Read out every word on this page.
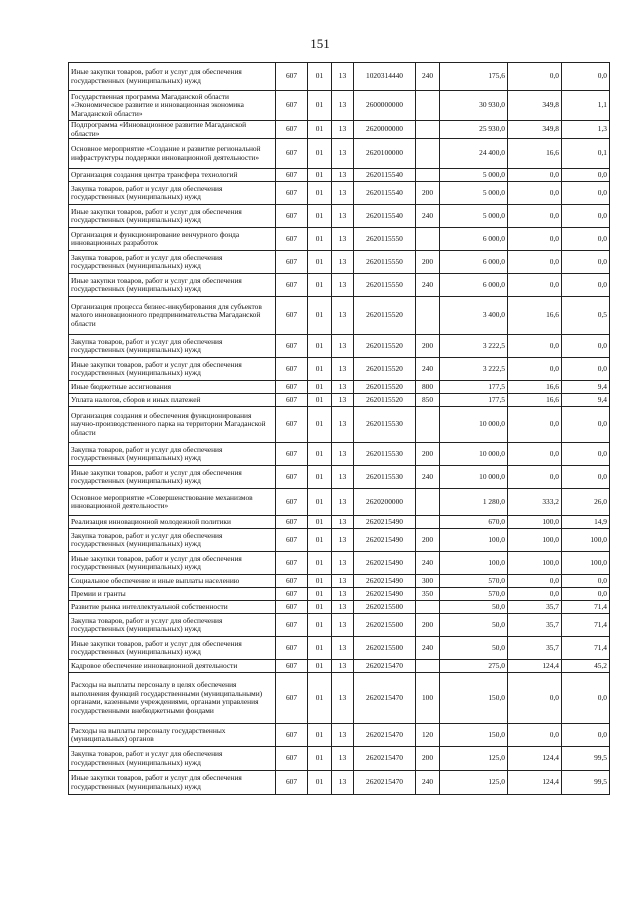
151
Иные закупки товаров, работ и услуг для обеспечения государственных (муниципальных) нужд	607	01	13	1020314440	240	175,6	0,0	0,0
Государственная программа Магаданской области «Экономическое развитие и инновационная экономика Магаданской области»	607	01	13	2600000000		30 930,0	349,8	1,1
Подпрограмма «Инновационное развитие Магаданской области»	607	01	13	2620000000		25 930,0	349,8	1,3
Основное мероприятие «Создание и развитие региональной инфраструктуры поддержки инновационной деятельности»	607	01	13	2620100000		24 400,0	16,6	0,1
Организация создания центра трансфера технологий	607	01	13	2620115540		5 000,0	0,0	0,0
Закупка товаров, работ и услуг для обеспечения государственных (муниципальных) нужд	607	01	13	2620115540	200	5 000,0	0,0	0,0
Иные закупки товаров, работ и услуг для обеспечения государственных (муниципальных) нужд	607	01	13	2620115540	240	5 000,0	0,0	0,0
Организация и функционирование венчурного фонда инновационных разработок	607	01	13	2620115550		6 000,0	0,0	0,0
Закупка товаров, работ и услуг для обеспечения государственных (муниципальных) нужд	607	01	13	2620115550	200	6 000,0	0,0	0,0
Иные закупки товаров, работ и услуг для обеспечения государственных (муниципальных) нужд	607	01	13	2620115550	240	6 000,0	0,0	0,0
Организация процесса бизнес-инкубирования для субъектов малого инновационного предпринимательства Магаданской области	607	01	13	2620115520		3 400,0	16,6	0,5
Закупка товаров, работ и услуг для обеспечения государственных (муниципальных) нужд	607	01	13	2620115520	200	3 222,5	0,0	0,0
Иные закупки товаров, работ и услуг для обеспечения государственных (муниципальных) нужд	607	01	13	2620115520	240	3 222,5	0,0	0,0
Иные бюджетные ассигнования	607	01	13	2620115520	800	177,5	16,6	9,4
Уплата налогов, сборов и иных платежей	607	01	13	2620115520	850	177,5	16,6	9,4
Организация создания и обеспечения функционирования научно-производственного парка на территории Магаданской области	607	01	13	2620115530		10 000,0	0,0	0,0
Закупка товаров, работ и услуг для обеспечения государственных (муниципальных) нужд	607	01	13	2620115530	200	10 000,0	0,0	0,0
Иные закупки товаров, работ и услуг для обеспечения государственных (муниципальных) нужд	607	01	13	2620115530	240	10 000,0	0,0	0,0
Основное мероприятие «Совершенствование механизмов инновационной деятельности»	607	01	13	2620200000		1 280,0	333,2	26,0
Реализация инновационной молодежной политики	607	01	13	2620215490		670,0	100,0	14,9
Закупка товаров, работ и услуг для обеспечения государственных (муниципальных) нужд	607	01	13	2620215490	200	100,0	100,0	100,0
Иные закупки товаров, работ и услуг для обеспечения государственных (муниципальных) нужд	607	01	13	2620215490	240	100,0	100,0	100,0
Социальное обеспечение и иные выплаты населению	607	01	13	2620215490	300	570,0	0,0	0,0
Премии и гранты	607	01	13	2620215490	350	570,0	0,0	0,0
Развитие рынка интеллектуальной собственности	607	01	13	2620215500		50,0	35,7	71,4
Закупка товаров, работ и услуг для обеспечения государственных (муниципальных) нужд	607	01	13	2620215500	200	50,0	35,7	71,4
Иные закупки товаров, работ и услуг для обеспечения государственных (муниципальных) нужд	607	01	13	2620215500	240	50,0	35,7	71,4
Кадровое обеспечение инновационной деятельности	607	01	13	2620215470		275,0	124,4	45,2
Расходы на выплаты персоналу в целях обеспечения выполнения функций государственными (муниципальными) органами, казенными учреждениями, органами управления государственными внебюджетными фондами	607	01	13	2620215470	100	150,0	0,0	0,0
Расходы на выплаты персоналу государственных (муниципальных) органов	607	01	13	2620215470	120	150,0	0,0	0,0
Закупка товаров, работ и услуг для обеспечения государственных (муниципальных) нужд	607	01	13	2620215470	200	125,0	124,4	99,5
Иные закупки товаров, работ и услуг для обеспечения государственных (муниципальных) нужд	607	01	13	2620215470	240	125,0	124,4	99,5
